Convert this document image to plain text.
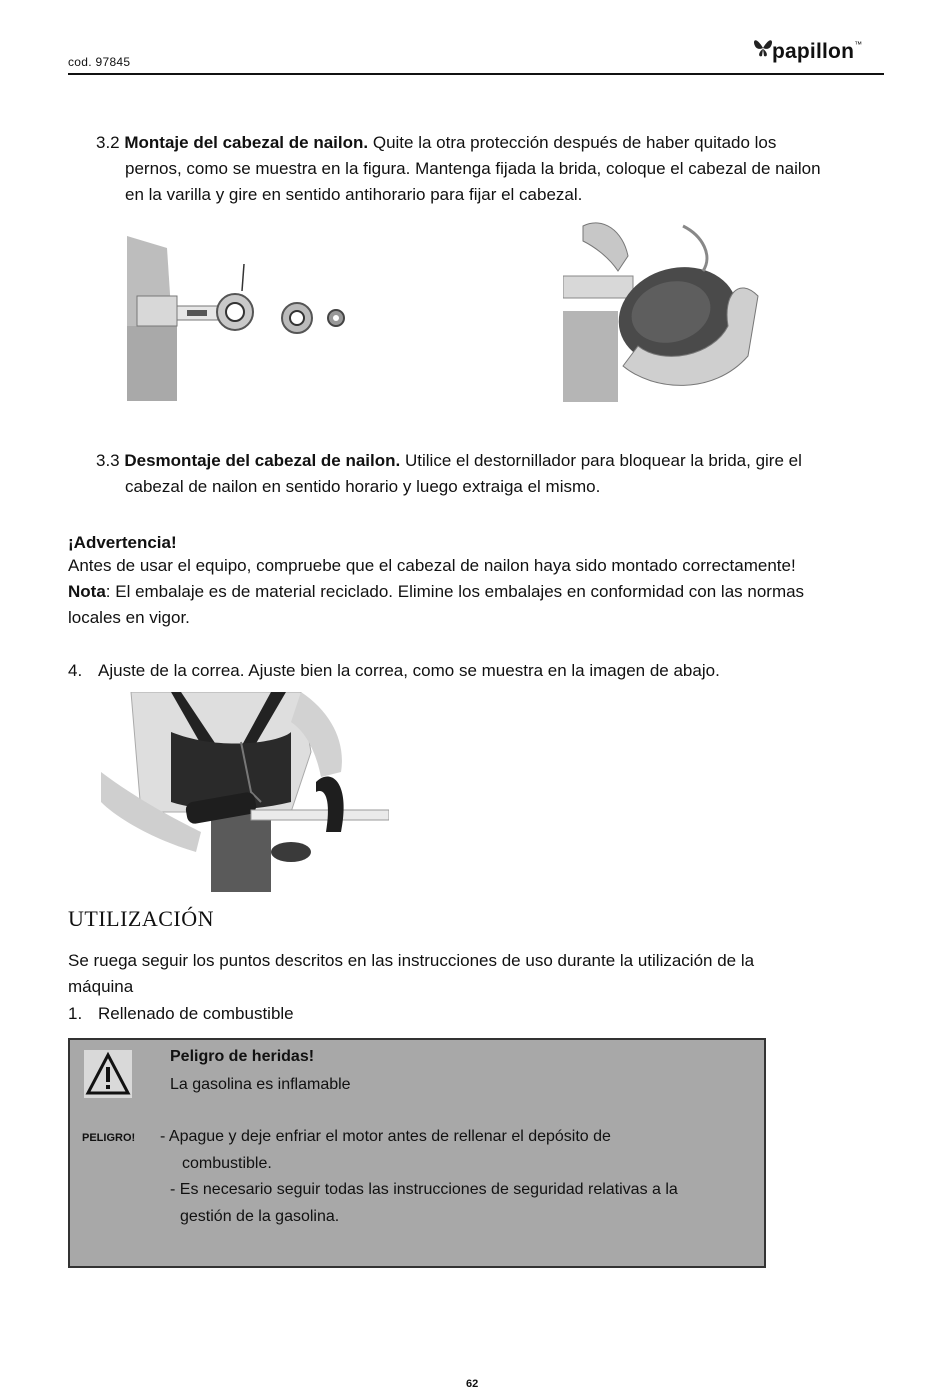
cod. 97845	papillon™
3.2 Montaje del cabezal de nailon. Quite la otra protección después de haber quitado los
pernos, como se muestra en la figura. Mantenga fijada la brida, coloque el cabezal de nailon
en la varilla y gire en sentido antihorario para fijar el cabezal.
3.3 Desmontaje del cabezal de nailon. Utilice el destornillador para bloquear la brida, gire el
cabezal de nailon en sentido horario y luego extraiga el mismo.
¡Advertencia!
Antes de usar el equipo, compruebe que el cabezal de nailon haya sido montado correctamente!
Nota: El embalaje es de material reciclado. Elimine los embalajes en conformidad con las normas
locales en vigor.
4. Ajuste de la correa. Ajuste bien la correa, como se muestra en la imagen de abajo.
UTILIZACIÓN
Se ruega seguir los puntos descritos en las instrucciones de uso durante la utilización de la
máquina
1. Rellenado de combustible
Peligro de heridas!
La gasolina es inflamable
PELIGRO! - Apague y deje enfriar el motor antes de rellenar el depósito de
combustible.
- Es necesario seguir todas las instrucciones de seguridad relativas a la
gestión de la gasolina.
62
